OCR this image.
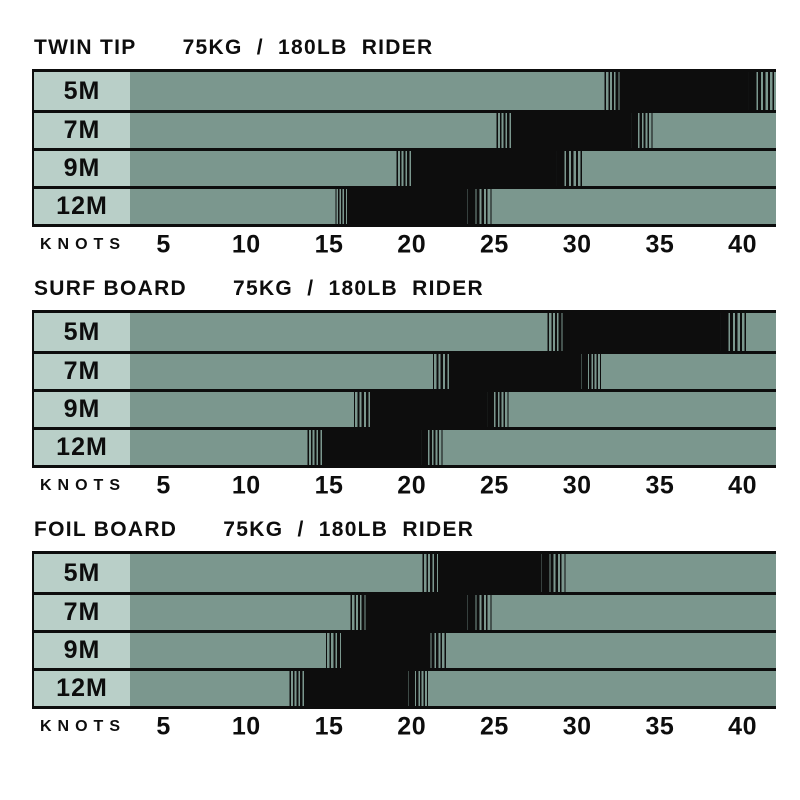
TWIN TIP 75KG / 180LB RIDER
5M
7M
9M
12M
KNOTS 5 10 15 20 25 30 35 40
SURF BOARD 75KG / 180LB RIDER
5M
7M
9M
12M
KNOTS 5 10 15 20 25 30 35 40
FOIL BOARD 75KG / 180LB RIDER
5M
7M
9M
12M
KNOTS 5 10 15 20 25 30 35 40
